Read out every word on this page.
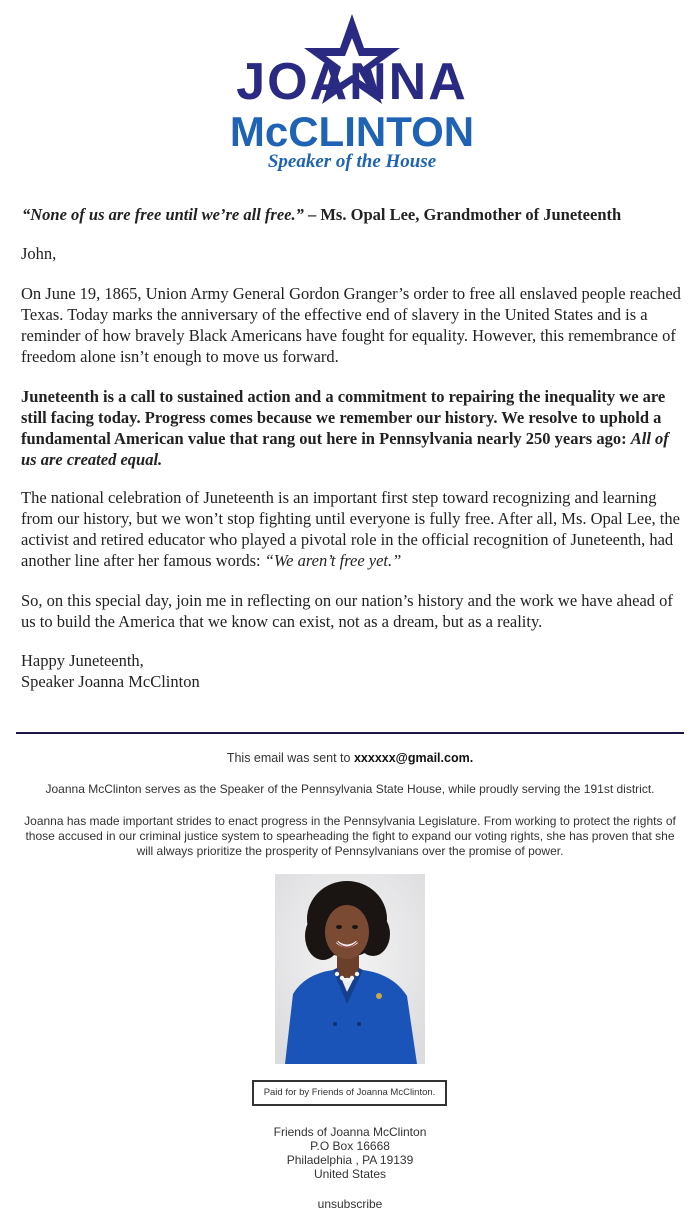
JOANNA
McCLINTON
Speaker of the House
“None of us are free until we’re all free.” – Ms. Opal Lee, Grandmother of Juneteenth
John,

On June 19, 1865, Union Army General Gordon Granger’s order to free all enslaved people reached Texas. Today marks the anniversary of the effective end of slavery in the United States and is a reminder of how bravely Black Americans have fought for equality. However, this remembrance of freedom alone isn’t enough to move us forward.

Juneteenth is a call to sustained action and a commitment to repairing the inequality we are still facing today. Progress comes because we remember our history. We resolve to uphold a fundamental American value that rang out here in Pennsylvania nearly 250 years ago: All of us are created equal.

The national celebration of Juneteenth is an important first step toward recognizing and learning from our history, but we won’t stop fighting until everyone is fully free. After all, Ms. Opal Lee, the activist and retired educator who played a pivotal role in the official recognition of Juneteenth, had another line after her famous words: “We aren’t free yet.”

So, on this special day, join me in reflecting on our nation’s history and the work we have ahead of us to build the America that we know can exist, not as a dream, but as a reality.

Happy Juneteenth,

Speaker Joanna McClinton

This email was sent to xxxxxx@gmail.com.

Joanna McClinton serves as the Speaker of the Pennsylvania State House, while proudly serving the 191st district.

Joanna has made important strides to enact progress in the Pennsylvania Legislature. From working to protect the rights of those accused in our criminal justice system to spearheading the fight to expand our voting rights, she has proven that she will always prioritize the prosperity of Pennsylvanians over the promise of power.

Paid for by Friends of Joanna McClinton.
Friends of Joanna McClinton
P.O Box 16668
Philadelphia , PA 19139
United States
unsubscribe
